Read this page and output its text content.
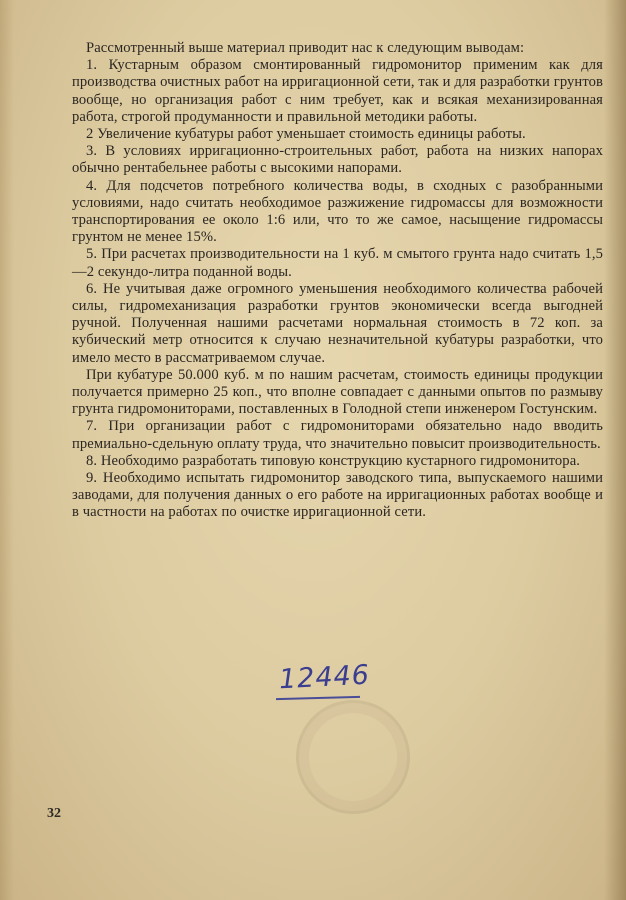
Рассмотренный выше материал приводит нас к следующим выводам:

1. Кустарным образом смонтированный гидромонитор применим как для производства очистных работ на ирригационной сети, так и для разработки грунтов вообще, но организация работ с ним требует, как и всякая механизированная работа, строгой продуманности и правильной методики работы.

2 Увеличение кубатуры работ уменьшает стоимость единицы работы.

3. В условиях ирригационно-строительных работ, работа на низких напорах обычно рентабельнее работы с высокими напорами.

4. Для подсчетов потребного количества воды, в сходных с разобранными условиями, надо считать необходимое разжижение гидромассы для возможности транспортирования ее около 1:6 или, что то же самое, насыщение гидромассы грунтом не менее 15%.

5. При расчетах производительности на 1 куб. м смытого грунта надо считать 1,5—2 секундо-литра поданной воды.

6. Не учитывая даже огромного уменьшения необходимого количества рабочей силы, гидромеханизация разработки грунтов экономически всегда выгодней ручной. Полученная нашими расчетами нормальная стоимость в 72 коп. за кубический метр относится к случаю незначительной кубатуры разработки, что имело место в рассматриваемом случае.

При кубатуре 50.000 куб. м по нашим расчетам, стоимость единицы продукции получается примерно 25 коп., что вполне совпадает с данными опытов по размыву грунта гидромониторами, поставленных в Голодной степи инженером Гостунским.

7. При организации работ с гидромониторами обязательно надо вводить премиально-сдельную оплату труда, что значительно повысит производительность.

8. Необходимо разработать типовую конструкцию кустарного гидромонитора.

9. Необходимо испытать гидромонитор заводского типа, выпускаемого нашими заводами, для получения данных о его работе на ирригационных работах вообще и в частности на работах по очистке ирригационной сети.

12446
32
